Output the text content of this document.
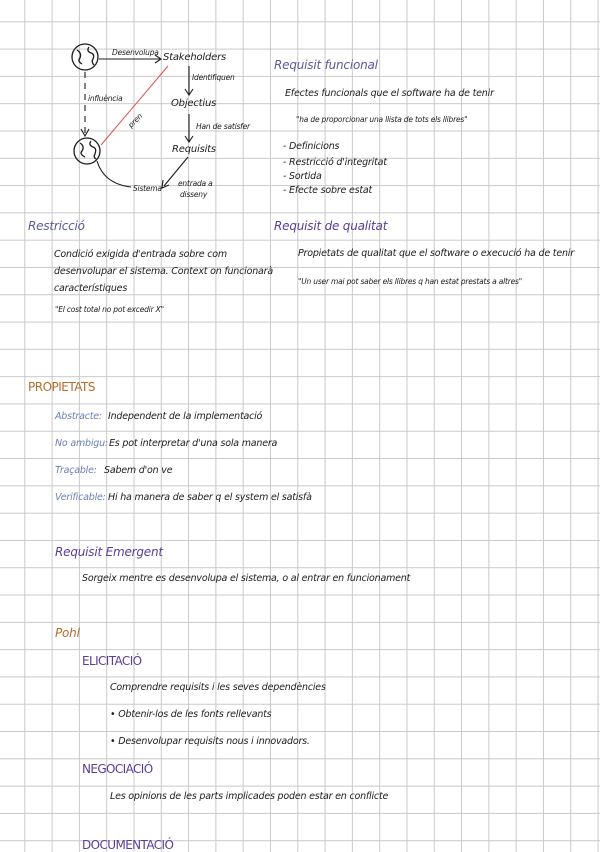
Desenvolupa Stakeholders
Identifiquen
Objectius
influència
Han de satisfer
pren
Requisits
Sistema
entrada a
disseny
Requisit funcional
Efectes funcionals que el software ha de tenir
"ha de proporcionar una llista de tots els llibres"
- Definicions
- Restricció d'integritat
- Sortida
- Efecte sobre estat
Restricció
Condició exigida d'entrada sobre com
desenvolupar el sistema. Context on funcionarà
característiques
"El cost total no pot excedir X"
Requisit de qualitat
Propietats de qualitat que el software o execució ha de tenir
"Un user mai pot saber els llibres q han estat prestats a altres"
PROPIETATS
Abstracte: Independent de la implementació
No ambigu: Es pot interpretar d'una sola manera
Traçable: Sabem d'on ve
Verificable: Hi ha manera de saber q el system el satisfà
Requisit Emergent
Sorgeix mentre es desenvolupa el sistema, o al entrar en funcionament
Pohl
ELICITACIÓ
Comprendre requisits i les seves dependències
• Obtenir-los de les fonts rellevants
• Desenvolupar requisits nous i innovadors.
NEGOCIACIÓ
Les opinions de les parts implicades poden estar en conflicte
DOCUMENTACIÓ
